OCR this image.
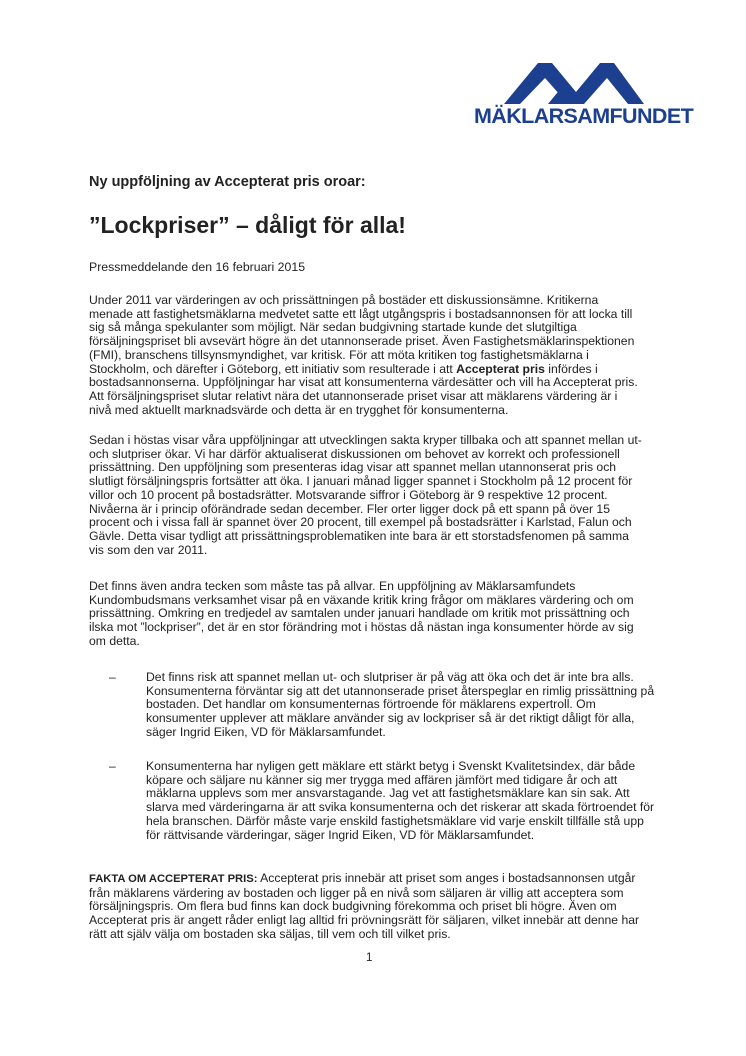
MÄKLARSAMFUNDET
Ny uppföljning av Accepterat pris oroar:
”Lockpriser” – dåligt för alla!
Pressmeddelande den 16 februari 2015
Under 2011 var värderingen av och prissättningen på bostäder ett diskussionsämne. Kritikerna
menade att fastighetsmäklarna medvetet satte ett lågt utgångspris i bostadsannonsen för att locka till
sig så många spekulanter som möjligt. När sedan budgivning startade kunde det slutgiltiga
försäljningspriset bli avsevärt högre än det utannonserade priset. Även Fastighetsmäklarinspektionen
(FMI), branschens tillsynsmyndighet, var kritisk. För att möta kritiken tog fastighetsmäklarna i
Stockholm, och därefter i Göteborg, ett initiativ som resulterade i att Accepterat pris infördes i
bostadsannonserna. Uppföljningar har visat att konsumenterna värdesätter och vill ha Accepterat pris.
Att försäljningspriset slutar relativt nära det utannonserade priset visar att mäklarens värdering är i
nivå med aktuellt marknadsvärde och detta är en trygghet för konsumenterna.
Sedan i höstas visar våra uppföljningar att utvecklingen sakta kryper tillbaka och att spannet mellan ut-
och slutpriser ökar. Vi har därför aktualiserat diskussionen om behovet av korrekt och professionell
prissättning. Den uppföljning som presenteras idag visar att spannet mellan utannonserat pris och
slutligt försäljningspris fortsätter att öka. I januari månad ligger spannet i Stockholm på 12 procent för
villor och 10 procent på bostadsrätter. Motsvarande siffror i Göteborg är 9 respektive 12 procent.
Nivåerna är i princip oförändrade sedan december. Fler orter ligger dock på ett spann på över 15
procent och i vissa fall är spannet över 20 procent, till exempel på bostadsrätter i Karlstad, Falun och
Gävle. Detta visar tydligt att prissättningsproblematiken inte bara är ett storstadsfenomen på samma
vis som den var 2011.
Det finns även andra tecken som måste tas på allvar. En uppföljning av Mäklarsamfundets
Kundombudsmans verksamhet visar på en växande kritik kring frågor om mäklares värdering och om
prissättning. Omkring en tredjedel av samtalen under januari handlade om kritik mot prissättning och
ilska mot ”lockpriser”, det är en stor förändring mot i höstas då nästan inga konsumenter hörde av sig
om detta.
– Det finns risk att spannet mellan ut- och slutpriser är på väg att öka och det är inte bra alls.
Konsumenterna förväntar sig att det utannonserade priset återspeglar en rimlig prissättning på
bostaden. Det handlar om konsumenternas förtroende för mäklarens expertroll. Om
konsumenter upplever att mäklare använder sig av lockpriser så är det riktigt dåligt för alla,
säger Ingrid Eiken, VD för Mäklarsamfundet.
– Konsumenterna har nyligen gett mäklare ett stärkt betyg i Svenskt Kvalitetsindex, där både
köpare och säljare nu känner sig mer trygga med affären jämfört med tidigare år och att
mäklarna upplevs som mer ansvarstagande. Jag vet att fastighetsmäklare kan sin sak. Att
slarva med värderingarna är att svika konsumenterna och det riskerar att skada förtroendet för
hela branschen. Därför måste varje enskild fastighetsmäklare vid varje enskilt tillfälle stå upp
för rättvisande värderingar, säger Ingrid Eiken, VD för Mäklarsamfundet.
FAKTA OM ACCEPTERAT PRIS: Accepterat pris innebär att priset som anges i bostadsannonsen utgår
från mäklarens värdering av bostaden och ligger på en nivå som säljaren är villig att acceptera som
försäljningspris. Om flera bud finns kan dock budgivning förekomma och priset bli högre. Även om
Accepterat pris är angett råder enligt lag alltid fri prövningsrätt för säljaren, vilket innebär att denne har
rätt att själv välja om bostaden ska säljas, till vem och till vilket pris.
1
